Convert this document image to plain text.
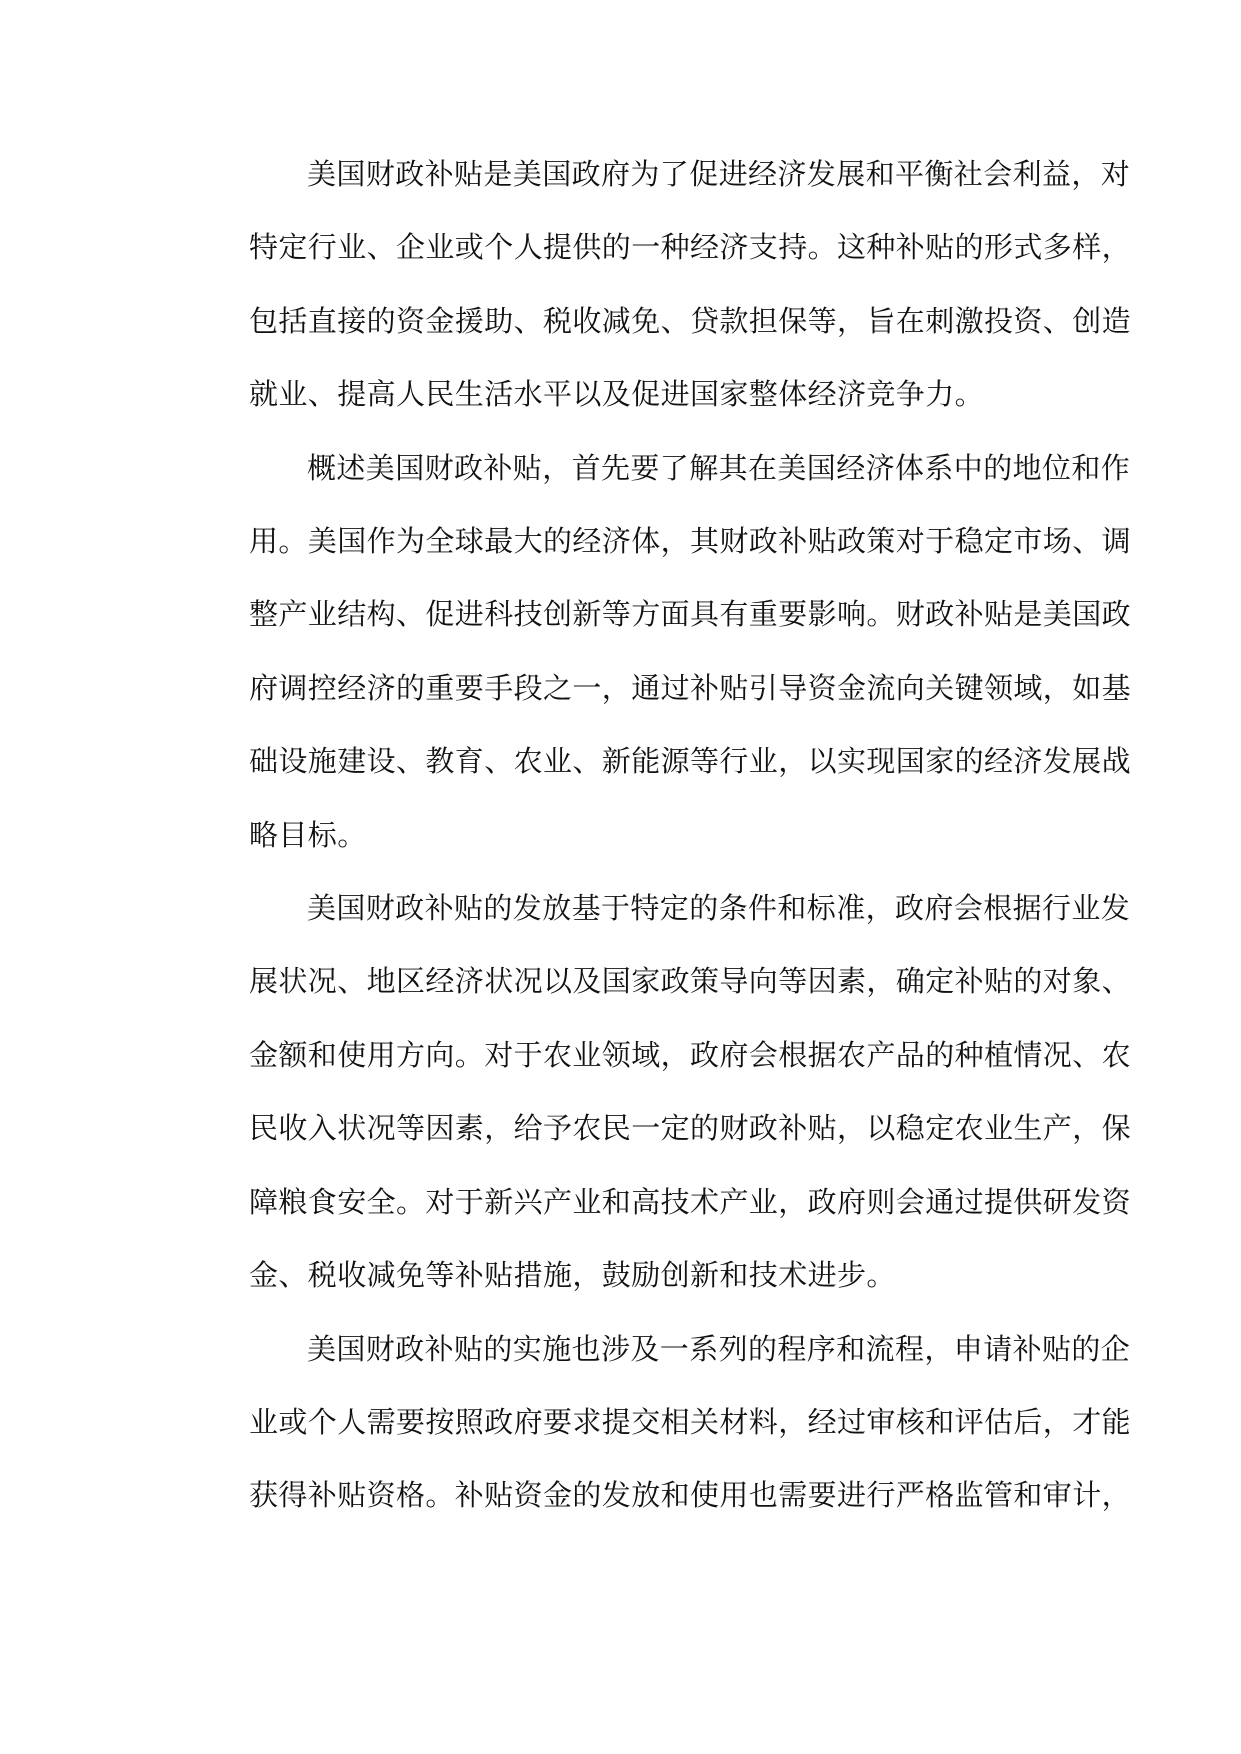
美国财政补贴是美国政府为了促进经济发展和平衡社会利益，对
特定行业、企业或个人提供的一种经济支持。这种补贴的形式多样，
包括直接的资金援助、税收减免、贷款担保等，旨在刺激投资、创造
就业、提高人民生活水平以及促进国家整体经济竞争力。
概述美国财政补贴，首先要了解其在美国经济体系中的地位和作
用。美国作为全球最大的经济体，其财政补贴政策对于稳定市场、调
整产业结构、促进科技创新等方面具有重要影响。财政补贴是美国政
府调控经济的重要手段之一，通过补贴引导资金流向关键领域，如基
础设施建设、教育、农业、新能源等行业，以实现国家的经济发展战
略目标。
美国财政补贴的发放基于特定的条件和标准，政府会根据行业发
展状况、地区经济状况以及国家政策导向等因素，确定补贴的对象、
金额和使用方向。对于农业领域，政府会根据农产品的种植情况、农
民收入状况等因素，给予农民一定的财政补贴，以稳定农业生产，保
障粮食安全。对于新兴产业和高技术产业，政府则会通过提供研发资
金、税收减免等补贴措施，鼓励创新和技术进步。
美国财政补贴的实施也涉及一系列的程序和流程，申请补贴的企
业或个人需要按照政府要求提交相关材料，经过审核和评估后，才能
获得补贴资格。补贴资金的发放和使用也需要进行严格监管和审计，
